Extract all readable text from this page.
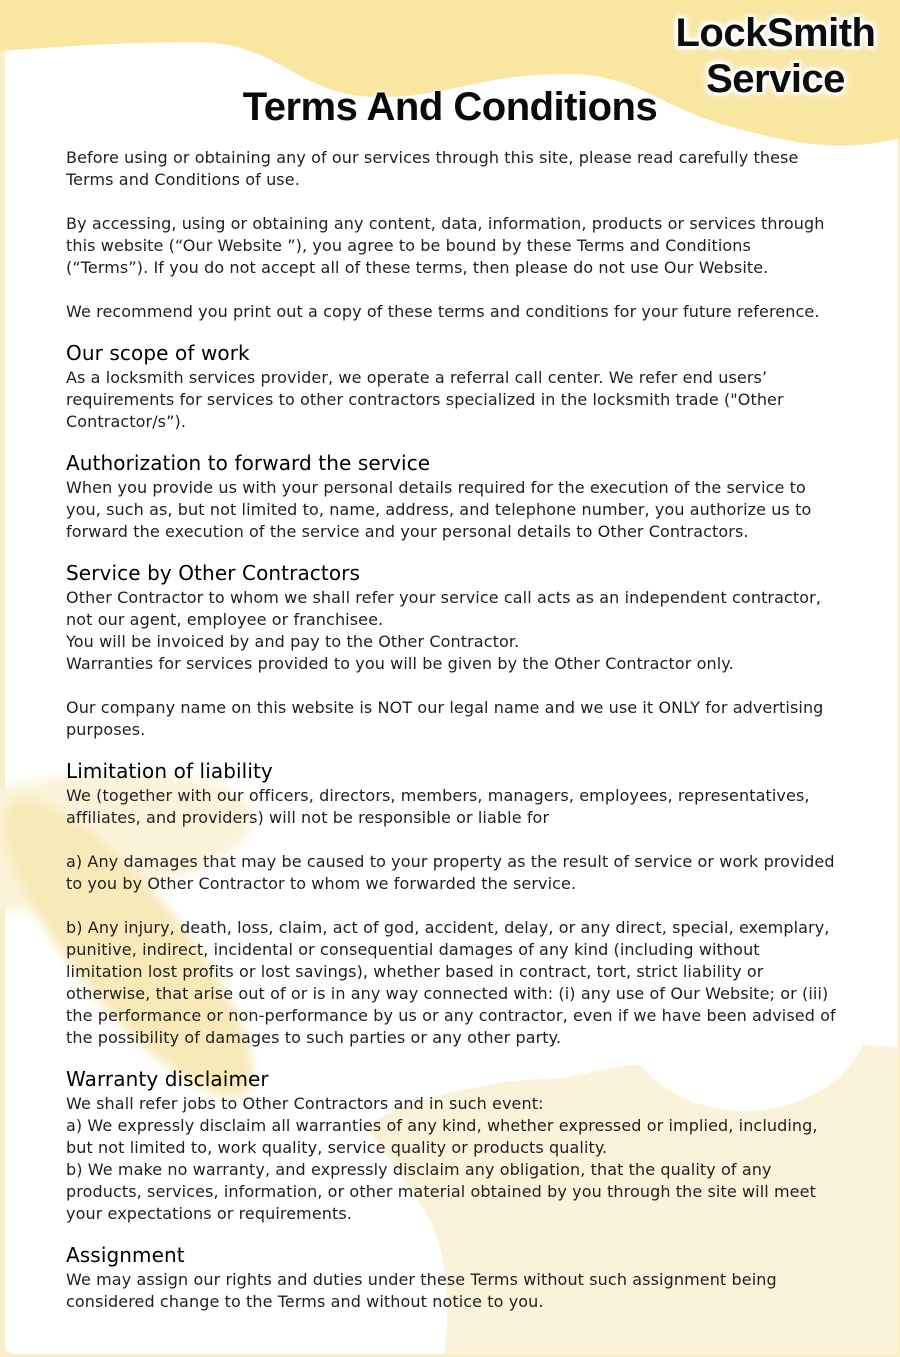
LockSmith
Service
Terms And Conditions

Before using or obtaining any of our services through this site, please read carefully these Terms and Conditions of use.

By accessing, using or obtaining any content, data, information, products or services through this website (“Our Website ”), you agree to be bound by these Terms and Conditions (“Terms”). If you do not accept all of these terms, then please do not use Our Website.

We recommend you print out a copy of these terms and conditions for your future reference.

Our scope of work

As a locksmith services provider, we operate a referral call center. We refer end users’ requirements for services to other contractors specialized in the locksmith trade ("Other Contractor/s”).

Authorization to forward the service

When you provide us with your personal details required for the execution of the service to you, such as, but not limited to, name, address, and telephone number, you authorize us to forward the execution of the service and your personal details to Other Contractors.

Service by Other Contractors

Other Contractor to whom we shall refer your service call acts as an independent contractor, not our agent, employee or franchisee.

You will be invoiced by and pay to the Other Contractor.

Warranties for services provided to you will be given by the Other Contractor only.

Our company name on this website is NOT our legal name and we use it ONLY for advertising purposes.

Limitation of liability

We (together with our officers, directors, members, managers, employees, representatives, affiliates, and providers) will not be responsible or liable for

a) Any damages that may be caused to your property as the result of service or work provided to you by Other Contractor to whom we forwarded the service.

b) Any injury, death, loss, claim, act of god, accident, delay, or any direct, special, exemplary, punitive, indirect, incidental or consequential damages of any kind (including without limitation lost profits or lost savings), whether based in contract, tort, strict liability or otherwise, that arise out of or is in any way connected with: (i) any use of Our Website; or (iii) the performance or non-performance by us or any contractor, even if we have been advised of the possibility of damages to such parties or any other party.

Warranty disclaimer

We shall refer jobs to Other Contractors and in such event:

a) We expressly disclaim all warranties of any kind, whether expressed or implied, including, but not limited to, work quality, service quality or products quality.

b) We make no warranty, and expressly disclaim any obligation, that the quality of any products, services, information, or other material obtained by you through the site will meet your expectations or requirements.

Assignment

We may assign our rights and duties under these Terms without such assignment being considered change to the Terms and without notice to you.
